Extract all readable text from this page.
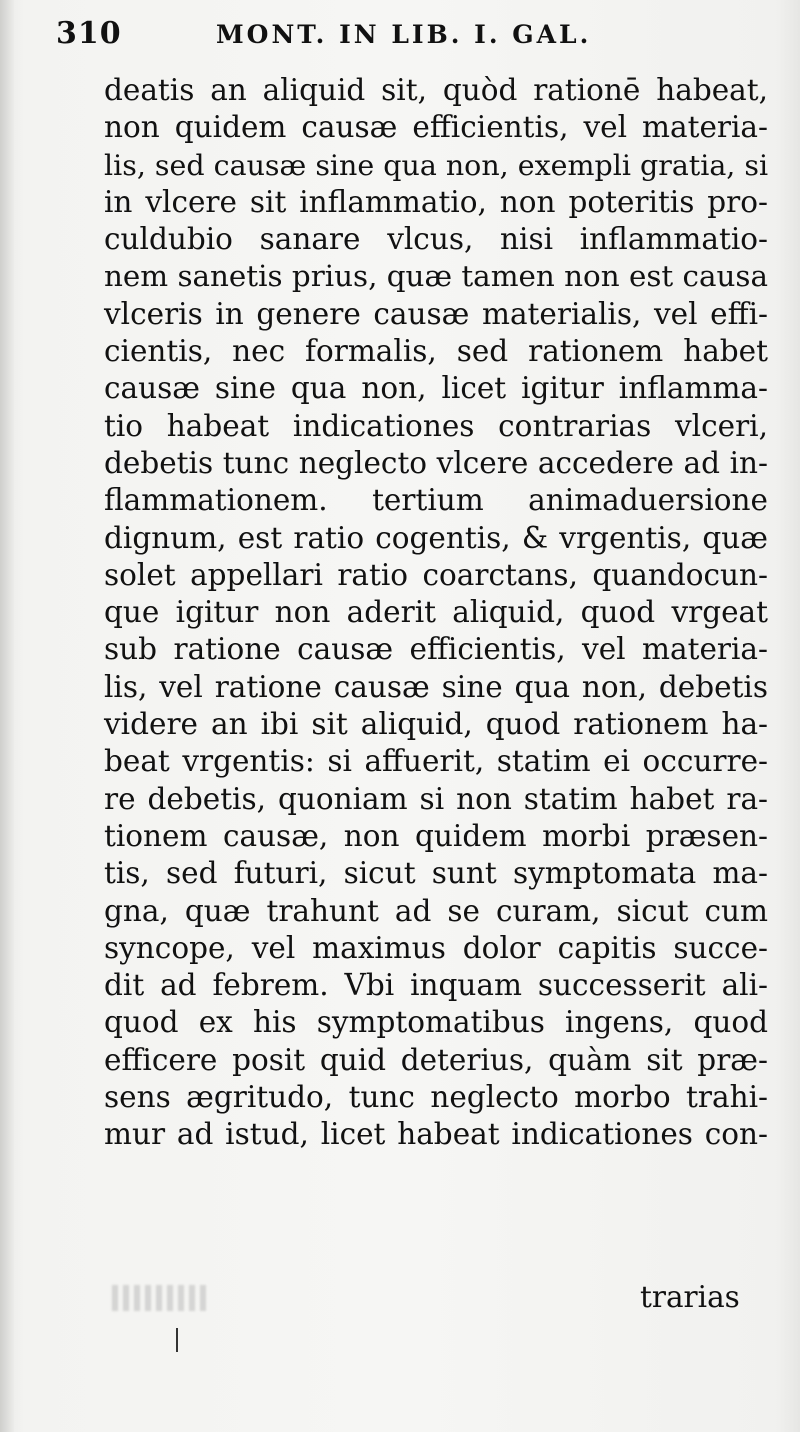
310	MONT. IN LIB. I. GAL.
deatis an aliquid sit, quòd rationē habeat,
non quidem causæ efficientis, vel materia-
lis, sed causæ sine qua non, exempli gratia, si
in vlcere sit inflammatio, non poteritis pro-
culdubio sanare vlcus, nisi inflammatio-
nem sanetis prius, quæ tamen non est causa
vlceris in genere causæ materialis, vel effi-
cientis, nec formalis, sed rationem habet
causæ sine qua non, licet igitur inflamma-
tio habeat indicationes contrarias vlceri,
debetis tunc neglecto vlcere accedere ad in-
flammationem. tertium animaduersione
dignum, est ratio cogentis, & vrgentis, quæ
solet appellari ratio coarctans, quandocun-
que igitur non aderit aliquid, quod vrgeat
sub ratione causæ efficientis, vel materia-
lis, vel ratione causæ sine qua non, debetis
videre an ibi sit aliquid, quod rationem ha-
beat vrgentis: si affuerit, statim ei occurre-
re debetis, quoniam si non statim habet ra-
tionem causæ, non quidem morbi præsen-
tis, sed futuri, sicut sunt symptomata ma-
gna, quæ trahunt ad se curam, sicut cum
syncope, vel maximus dolor capitis succe-
dit ad febrem. Vbi inquam successerit ali-
quod ex his symptomatibus ingens, quod
efficere posit quid deterius, quàm sit præ-
sens ægritudo, tunc neglecto morbo trahi-
mur ad istud, licet habeat indicationes con-
trarias
